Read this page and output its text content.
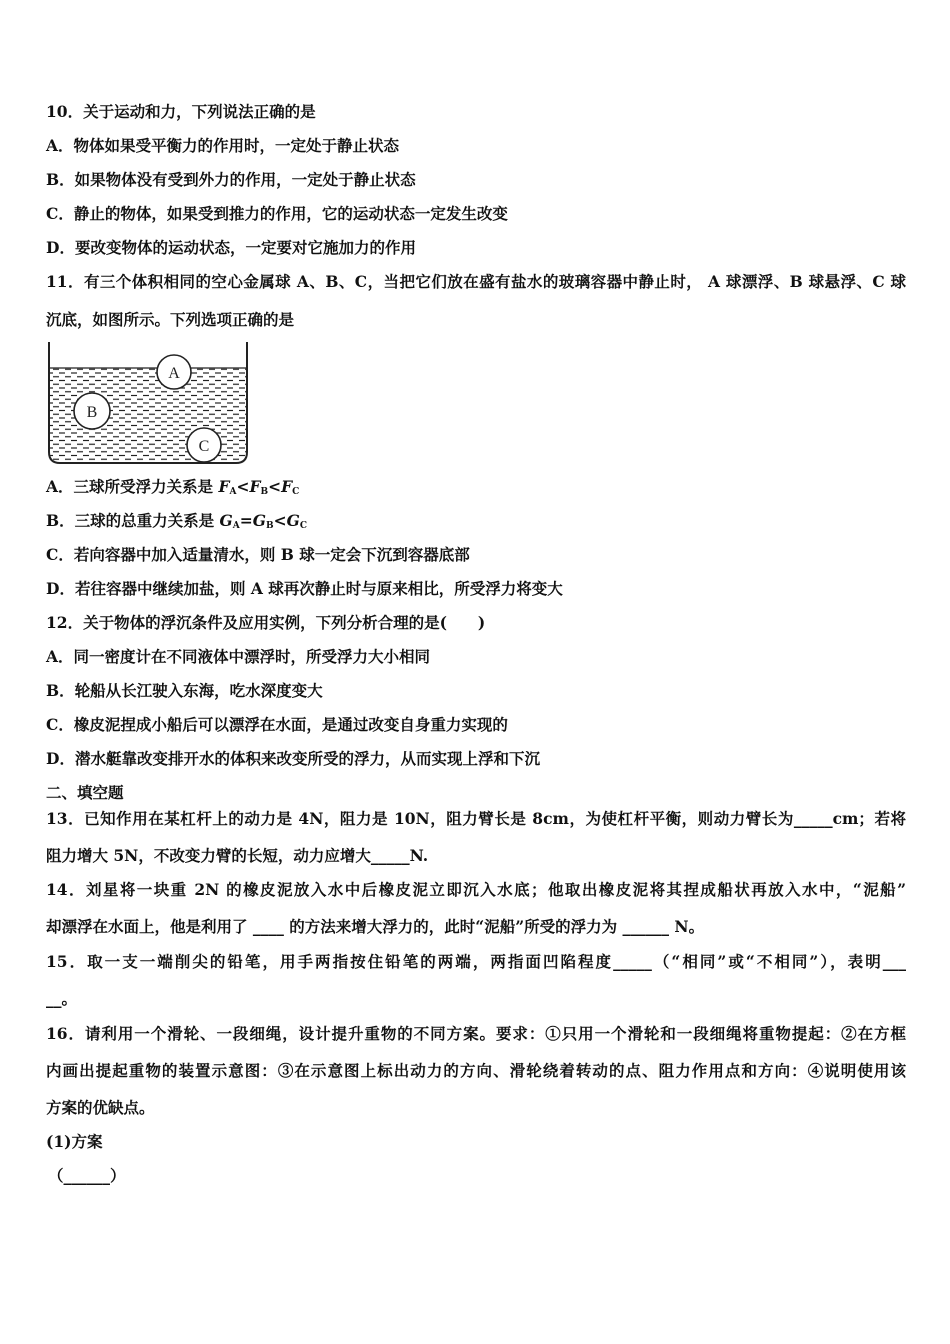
10．关于运动和力，下列说法正确的是
A．物体如果受平衡力的作用时，一定处于静止状态
B．如果物体没有受到外力的作用，一定处于静止状态
C．静止的物体，如果受到推力的作用，它的运动状态一定发生改变
D．要改变物体的运动状态，一定要对它施加力的作用
11．有三个体积相同的空心金属球 A、B、C，当把它们放在盛有盐水的玻璃容器中静止时， A 球漂浮、B 球悬浮、C 球
沉底，如图所示。下列选项正确的是
A
B
C
A．三球所受浮力关系是 $F_A<F_B<F_C$
B．三球的总重力关系是 $G_A=G_B<G_C$
C．若向容器中加入适量清水，则 B 球一定会下沉到容器底部
D．若往容器中继续加盐，则 A 球再次静止时与原来相比，所受浮力将变大
12．关于物体的浮沉条件及应用实例，下列分析合理的是(　　)
A．同一密度计在不同液体中漂浮时，所受浮力大小相同
B．轮船从长江驶入东海，吃水深度变大
C．橡皮泥捏成小船后可以漂浮在水面，是通过改变自身重力实现的
D．潜水艇靠改变排开水的体积来改变所受的浮力，从而实现上浮和下沉
二、填空题
13．已知作用在某杠杆上的动力是 4N，阻力是 10N，阻力臂长是 8cm，为使杠杆平衡，则动力臂长为_____cm；若将
阻力增大 5N，不改变力臂的长短，动力应增大_____N.
14．刘星将一块重 2N 的橡皮泥放入水中后橡皮泥立即沉入水底；他取出橡皮泥将其捏成船状再放入水中，“泥船”
却漂浮在水面上，他是利用了 ____ 的方法来增大浮力的，此时“泥船”所受的浮力为 ______ N。
15．取一支一端削尖的铅笔，用手两指按住铅笔的两端，两指面凹陷程度_____（“相同”或“不相同”），表明___
__。
16．请利用一个滑轮、一段细绳，设计提升重物的不同方案。要求：①只用一个滑轮和一段细绳将重物提起：②在方框
内画出提起重物的装置示意图：③在示意图上标出动力的方向、滑轮绕着转动的点、阻力作用点和方向：④说明使用该
方案的优缺点。
(1)方案
（______）
